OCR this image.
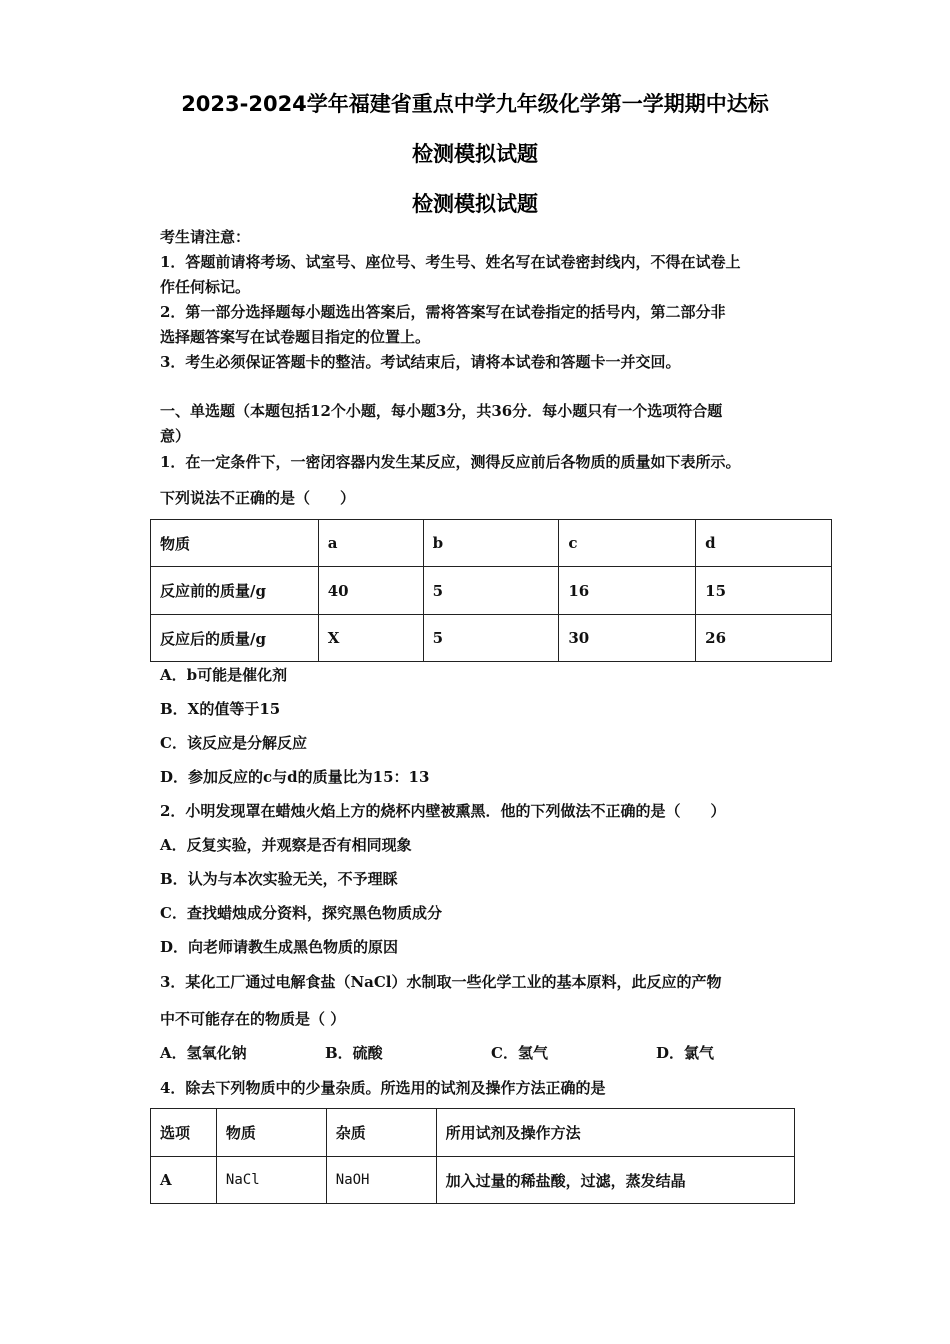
2023-2024学年福建省重点中学九年级化学第一学期期中达标
检测模拟试题
检测模拟试题
考生请注意：
1．答题前请将考场、试室号、座位号、考生号、姓名写在试卷密封线内，不得在试卷上
作任何标记。
2．第一部分选择题每小题选出答案后，需将答案写在试卷指定的括号内，第二部分非
选择题答案写在试卷题目指定的位置上。
3．考生必须保证答题卡的整洁。考试结束后，请将本试卷和答题卡一并交回。
一、单选题（本题包括12个小题，每小题3分，共36分．每小题只有一个选项符合题
意）
1．在一定条件下，一密闭容器内发生某反应，测得反应前后各物质的质量如下表所示。
下列说法不正确的是（　　）
物质	a	b	c	d
反应前的质量/g	40	5	16	15
反应后的质量/g	X	5	30	26
A．b可能是催化剂
B．X的值等于15
C．该反应是分解反应
D．参加反应的c与d的质量比为15：13
2．小明发现罩在蜡烛火焰上方的烧杯内壁被熏黑．他的下列做法不正确的是（　　）
A．反复实验，并观察是否有相同现象
B．认为与本次实验无关，不予理睬
C．查找蜡烛成分资料，探究黑色物质成分
D．向老师请教生成黑色物质的原因
3．某化工厂通过电解食盐（NaCl）水制取一些化学工业的基本原料，此反应的产物
中不可能存在的物质是（ ）
A．氢氧化钠	B．硫酸	C．氢气	D．氯气
4．除去下列物质中的少量杂质。所选用的试剂及操作方法正确的是
选项	物质	杂质	所用试剂及操作方法
A	NaCl	NaOH	加入过量的稀盐酸，过滤，蒸发结晶
